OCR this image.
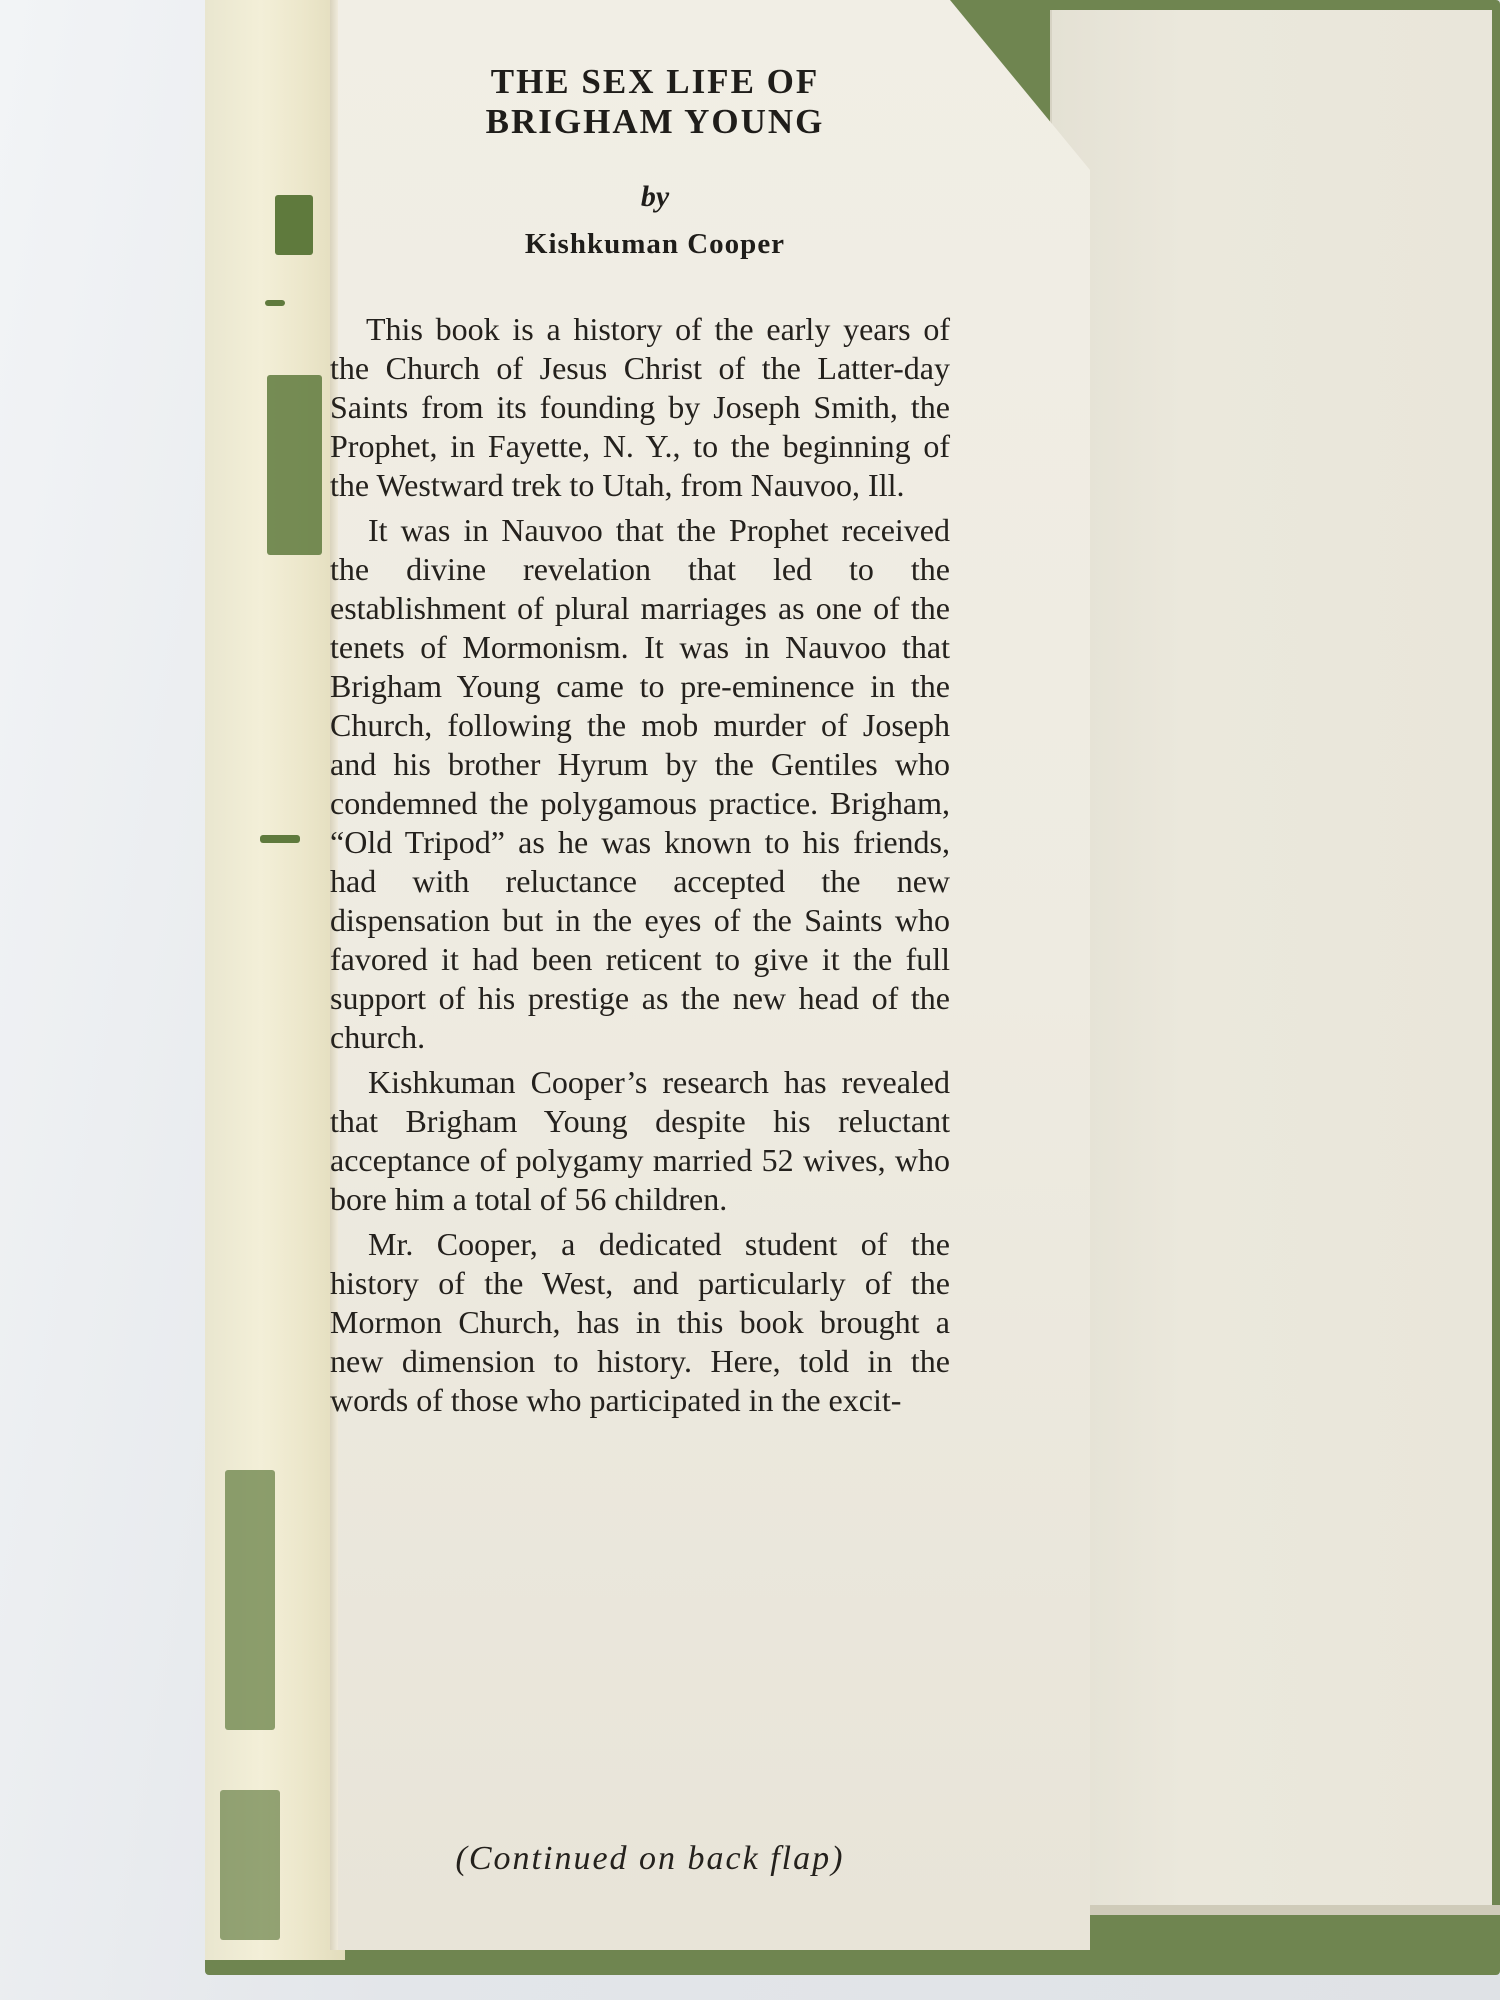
THE SEX LIFE OF
BRIGHAM YOUNG
by
Kishkuman Cooper

This book is a history of the early years of the Church of Jesus Christ of the Latter-day Saints from its founding by Joseph Smith, the Prophet, in Fayette, N. Y., to the beginning of the Westward trek to Utah, from Nauvoo, Ill.

It was in Nauvoo that the Prophet received the divine revelation that led to the establishment of plural marriages as one of the tenets of Mormonism. It was in Nauvoo that Brigham Young came to pre-eminence in the Church, following the mob murder of Joseph and his brother Hyrum by the Gentiles who condemned the polygamous practice. Brigham, “Old Tripod” as he was known to his friends, had with reluctance accepted the new dispensation but in the eyes of the Saints who favored it had been reticent to give it the full support of his prestige as the new head of the church.

Kishkuman Cooper’s research has revealed that Brigham Young despite his reluctant acceptance of polygamy married 52 wives, who bore him a total of 56 children.

Mr. Cooper, a dedicated student of the history of the West, and particularly of the Mormon Church, has in this book brought a new dimension to history. Here, told in the words of those who participated in the excit-

(Continued on back flap)
